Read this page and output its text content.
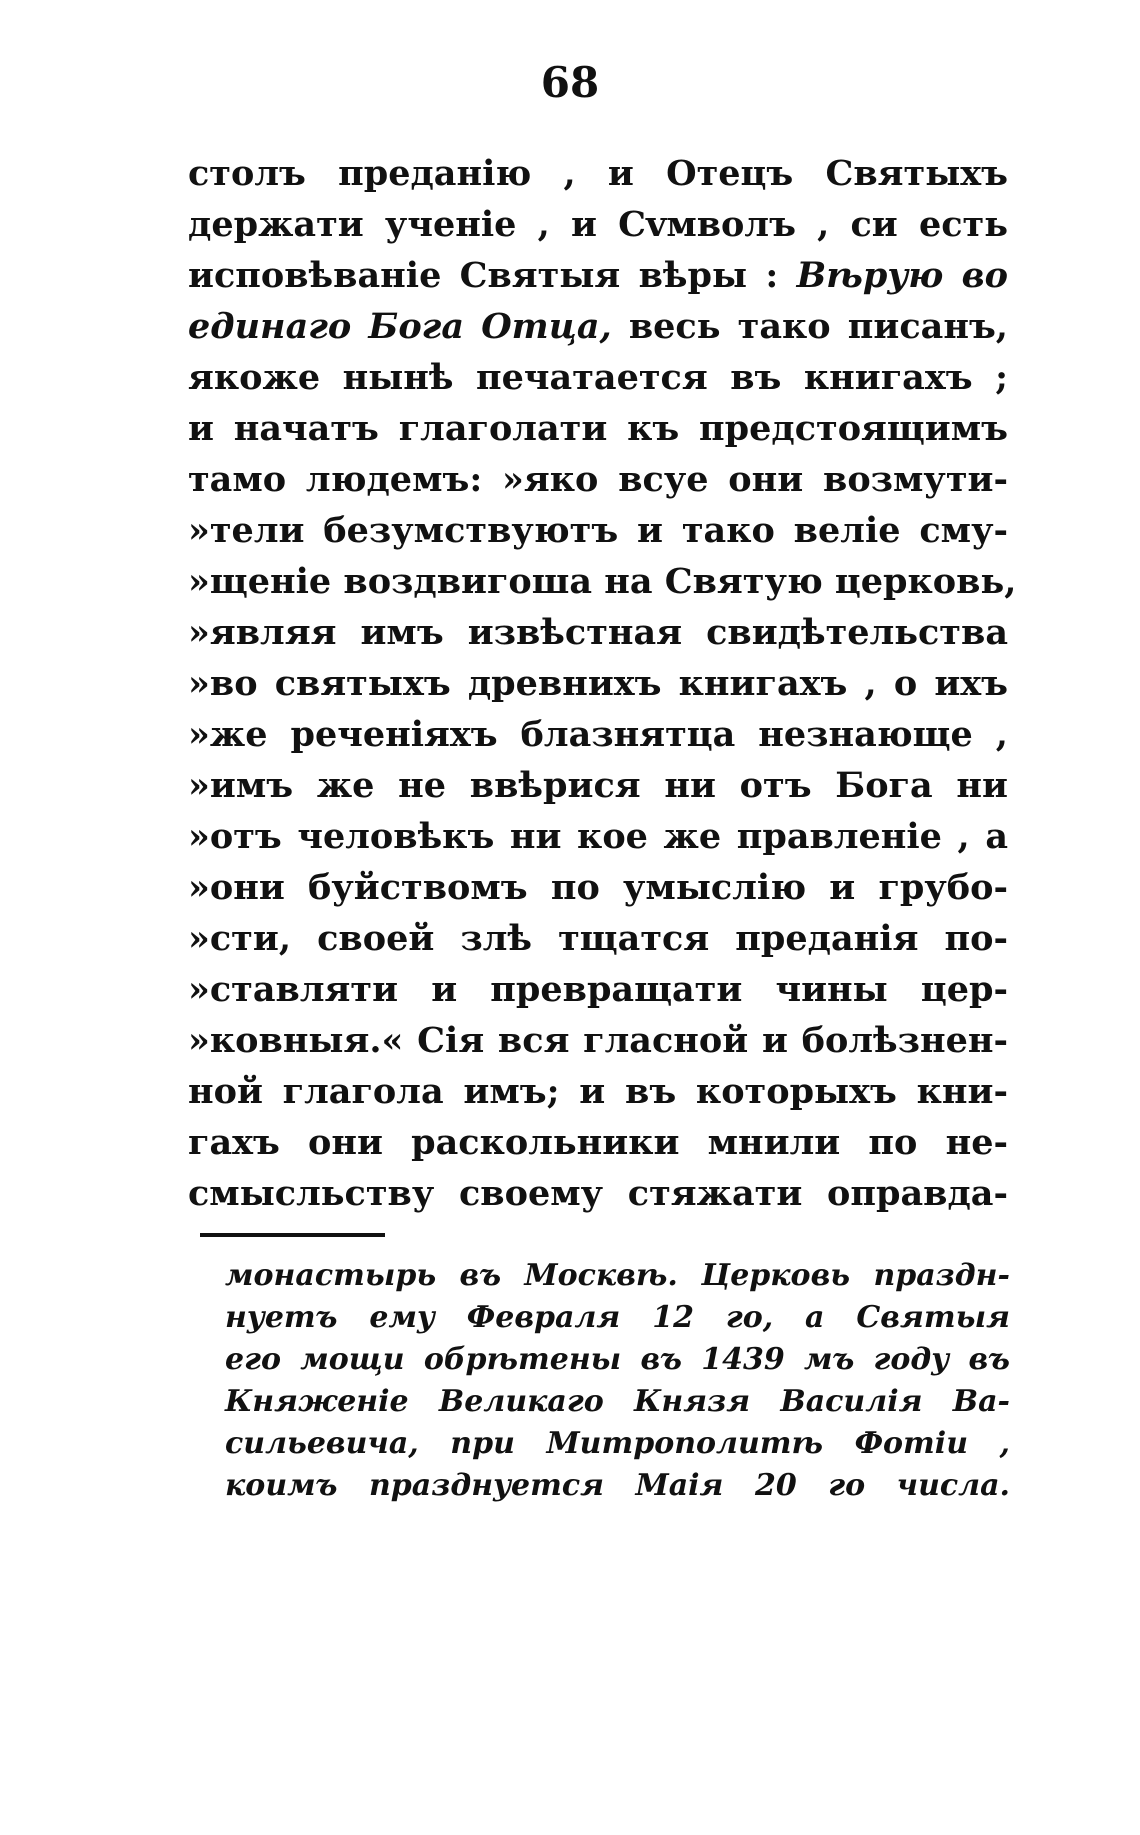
68
столъ преданію , и Отецъ Святыхъ
держати ученіе , и Сvмволъ , си есть
исповѣваніе Святыя вѣры : Вѣрую во
единаго Бога Отца, весь тако писанъ,
якоже нынѣ печатается въ книгахъ ;
и начатъ глаголати къ предстоящимъ
тамо людемъ: »яко всуе они возмути-
»тели безумствуютъ и тако веліе сму-
»щеніе воздвигоша на Святую церковь,
»являя имъ извѣстная свидѣтельства
»во святыхъ древнихъ книгахъ , о ихъ
»же реченіяхъ блазнятца незнающе ,
»имъ же не ввѣрися ни отъ Бога ни
»отъ человѣкъ ни кое же правленіе , а
»они буйствомъ по умыслію и грубо-
»сти, своей злѣ тщатся преданія по-
»ставляти и превращати чины цер-
»ковныя.« Сія вся гласной и болѣзнен-
ной глагола имъ; и въ которыхъ кни-
гахъ они раскольники мнили по не-
смысльству своему стяжати оправда-
монастырь въ Москвѣ. Церковь праздн-
нуетъ ему Февраля 12 го, а Святыя
его мощи обрѣтены въ 1439 мъ году въ
Княженіе Великаго Князя Василія Ва-
сильевича, при Митрополитѣ Фотіи ,
коимъ празднуется Маія 20 го числа.
